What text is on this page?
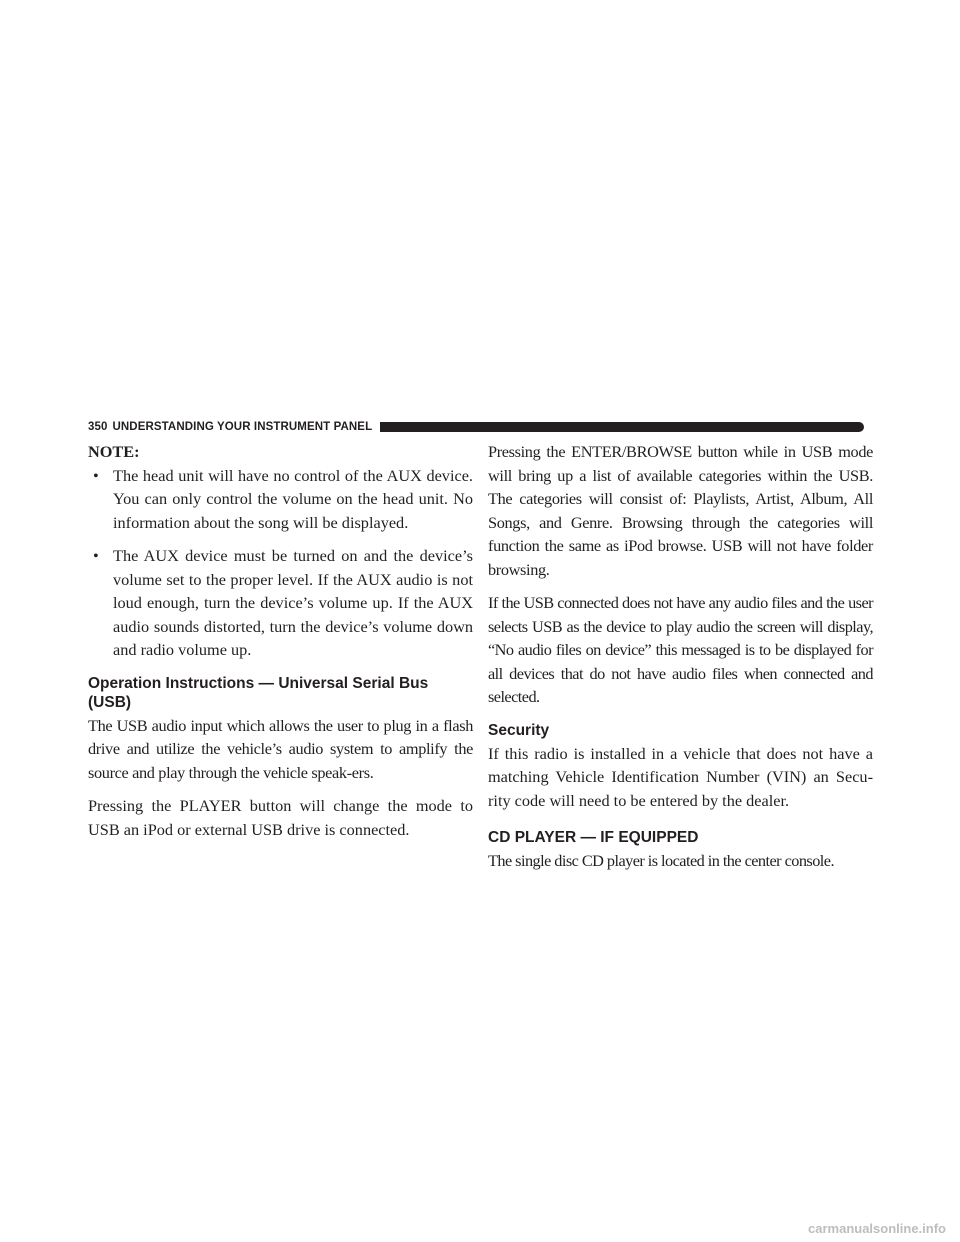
350 UNDERSTANDING YOUR INSTRUMENT PANEL
NOTE:
• The head unit will have no control of the AUX device. You can only control the volume on the head unit. No information about the song will be displayed.
• The AUX device must be turned on and the device’s volume set to the proper level. If the AUX audio is not loud enough, turn the device’s volume up. If the AUX audio sounds distorted, turn the device’s volume down and radio volume up.
Operation Instructions — Universal Serial Bus (USB)

The USB audio input which allows the user to plug in a flash drive and utilize the vehicle’s audio system to amplify the source and play through the vehicle speak-ers.

Pressing the PLAYER button will change the mode to USB an iPod or external USB drive is connected.

Pressing the ENTER/BROWSE button while in USB mode will bring up a list of available categories within the USB. The categories will consist of: Playlists, Artist, Album, All Songs, and Genre. Browsing through the categories will function the same as iPod browse. USB will not have folder browsing.

If the USB connected does not have any audio files and the user selects USB as the device to play audio the screen will display, “No audio files on device” this messaged is to be displayed for all devices that do not have audio files when connected and selected.

Security

If this radio is installed in a vehicle that does not have a matching Vehicle Identification Number (VIN) an Secu-rity code will need to be entered by the dealer.

CD PLAYER — IF EQUIPPED

The single disc CD player is located in the center console.

carmanualsonline.info
